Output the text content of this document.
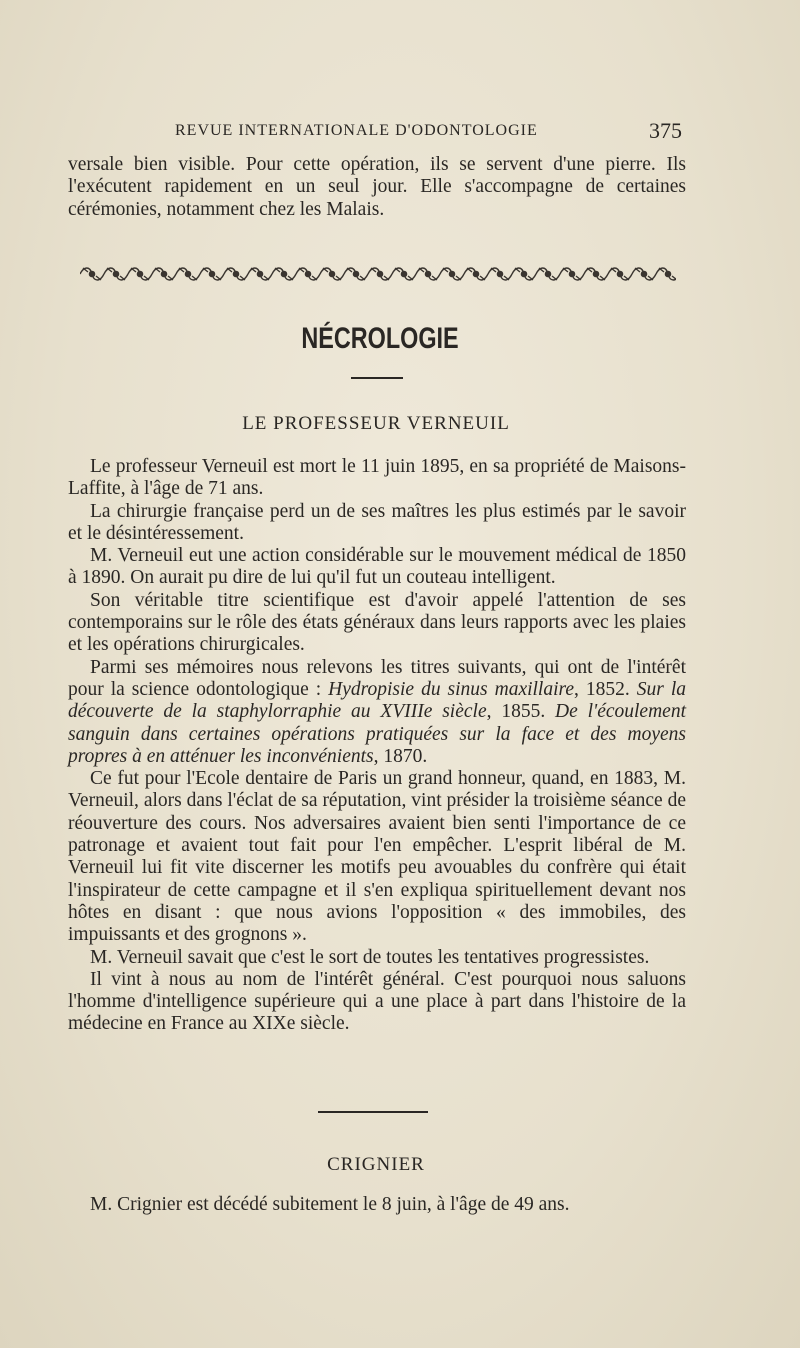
REVUE INTERNATIONALE D'ODONTOLOGIE	375

versale bien visible. Pour cette opération, ils se servent d'une pierre. Ils l'exécutent rapidement en un seul jour. Elle s'accompagne de certaines cérémonies, notamment chez les Malais.

NÉCROLOGIE
LE PROFESSEUR VERNEUIL

Le professeur Verneuil est mort le 11 juin 1895, en sa propriété de Maisons-Laffite, à l'âge de 71 ans.

La chirurgie française perd un de ses maîtres les plus estimés par le savoir et le désintéressement.

M. Verneuil eut une action considérable sur le mouvement médical de 1850 à 1890. On aurait pu dire de lui qu'il fut un couteau intelligent.

Son véritable titre scientifique est d'avoir appelé l'attention de ses contemporains sur le rôle des états généraux dans leurs rapports avec les plaies et les opérations chirurgicales.

Parmi ses mémoires nous relevons les titres suivants, qui ont de l'intérêt pour la science odontologique : Hydropisie du sinus maxillaire, 1852. Sur la découverte de la staphylorraphie au XVIIIe siècle, 1855. De l'écoulement sanguin dans certaines opérations pratiquées sur la face et des moyens propres à en atténuer les inconvénients, 1870.

Ce fut pour l'Ecole dentaire de Paris un grand honneur, quand, en 1883, M. Verneuil, alors dans l'éclat de sa réputation, vint présider la troisième séance de réouverture des cours. Nos adversaires avaient bien senti l'importance de ce patronage et avaient tout fait pour l'en empêcher. L'esprit libéral de M. Verneuil lui fit vite discerner les motifs peu avouables du confrère qui était l'inspirateur de cette campagne et il s'en expliqua spirituellement devant nos hôtes en disant : que nous avions l'opposition « des immobiles, des impuissants et des grognons ».

M. Verneuil savait que c'est le sort de toutes les tentatives progressistes.

Il vint à nous au nom de l'intérêt général. C'est pourquoi nous saluons l'homme d'intelligence supérieure qui a une place à part dans l'histoire de la médecine en France au XIXe siècle.

CRIGNIER

M. Crignier est décédé subitement le 8 juin, à l'âge de 49 ans.
